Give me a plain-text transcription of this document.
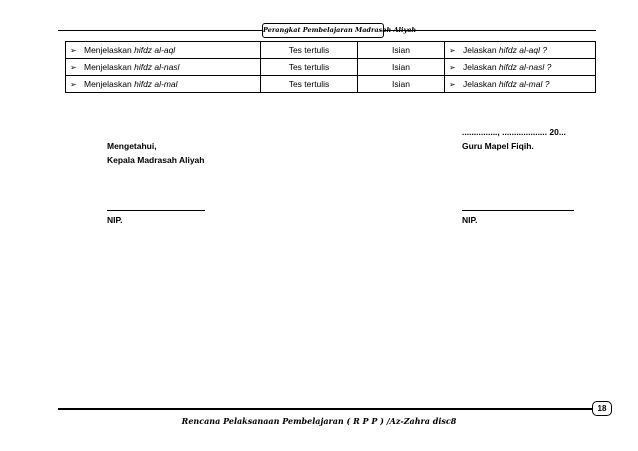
Perangkat Pembelajaran Madrasah Aliyah
➢ Menjelaskan hifdz al-aql	Tes tertulis	Isian	➢ Jelaskan hifdz al-aql ?
➢ Menjelaskan hifdz al-nasl	Tes tertulis	Isian	➢ Jelaskan hifdz al-nasl ?
➢ Menjelaskan hifdz al-mal	Tes tertulis	Isian	➢ Jelaskan hifdz al-mal ?
..............., ................... 20...
Mengetahui,
Kepala Madrasah Aliyah
Guru Mapel Fiqih.
NIP.	NIP.
18
Rencana Pelaksanaan Pembelajaran ( R P P ) /Az-Zahra disc8
